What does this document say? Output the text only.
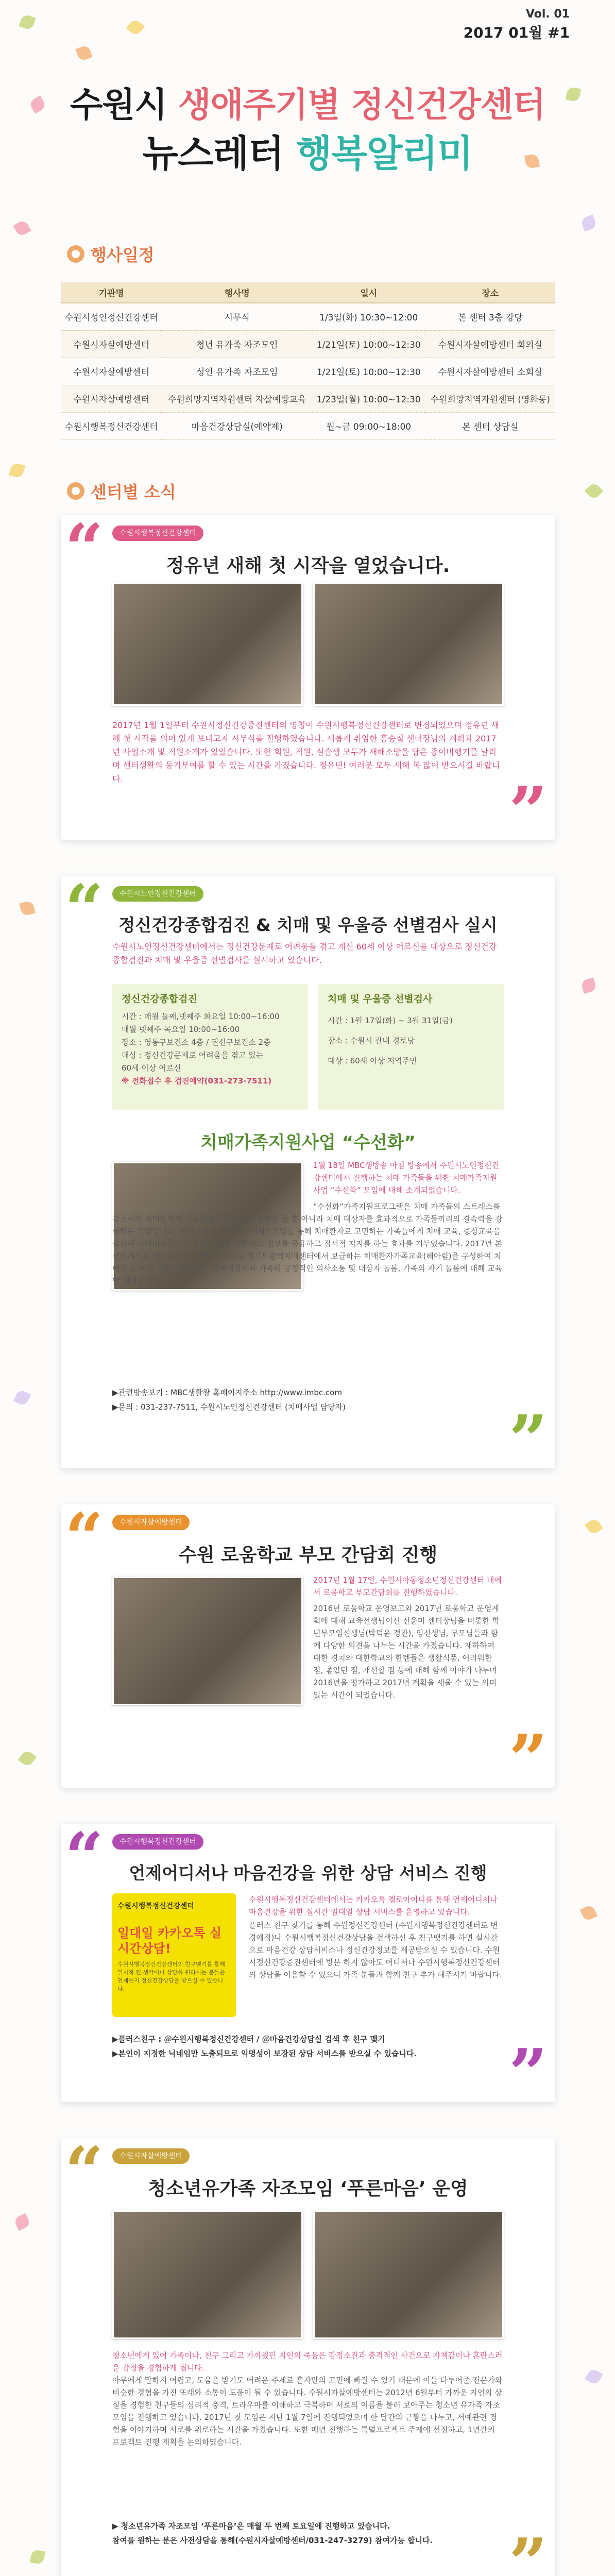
Vol. 01
2017 01월 #1
수원시 생애주기별 정신건강센터
뉴스레터 행복알리미
행사일정
기관명	행사명	일시	장소
수원시성인정신건강센터	시무식	1/3일(화) 10:30~12:00	본 센터 3층 강당
수원시자살예방센터	청년 유가족 자조모임	1/21일(토) 10:00~12:30	수원시자살예방센터 회의실
수원시자살예방센터	성인 유가족 자조모임	1/21일(토) 10:00~12:30	수원시자살예방센터 소회실
수원시자살예방센터	수원희망지역자원센터 자살예방교육	1/23일(월) 10:00~12:30	수원희망지역자원센터 (영화동)
수원시행복정신건강센터	마음건강상담실(예약제)	월~금 09:00~18:00	본 센터 상담실
센터별 소식
“	수원시행복정신건강센터
정유년 새해 첫 시작을 열었습니다.
2017년 1월 1일부터 수원시정신건강증진센터의 명칭이 수원시행복정신건강센터로 변경되었으며 정유년 새해 첫 시작을 의미 있게 보내고자 시무식을 진행하였습니다. 새롭게 취임한 홍승철 센터장님의 계획과 2017년 사업소개 및 직원소개가 있었습니다. 또한 회원, 직원, 실습생 모두가 새해소망을 담은 종이비행기를 날리며 센터생활의 동기부여를 할 수 있는 시간을 가졌습니다. 정유년! 여러분 모두 새해 복 많이 받으시길 바랍니다.	”
“	수원시노인정신건강센터
정신건강종합검진 & 치매 및 우울증 선별검사 실시
수원시노인정신건강센터에서는 정신건강문제로 어려움을 겪고 계신 60세 이상 어르신을 대상으로 정신건강종합검진과 치매 및 우울증 선별검사를 실시하고 있습니다.
정신건강종합검진

시간 : 매월 둘째,넷째주 화요일 10:00~16:00

매월 넷째주 목요일 10:00~16:00

장소 : 영통구보건소 4층 / 권선구보건소 2층

대상 : 정신건강문제로 어려움을 겪고 있는

60세 이상 어르신

※ 전화접수 후 검진예약(031-273-7511)

치매 및 우울증 선별검사

시간 : 1월 17일(화) ~ 3월 31일(금)

장소 : 수원시 관내 경로당

대상 : 60세 이상 지역주민

치매가족지원사업 “수선화”
1월 18일 MBC생방송 아침 방송에서 수원시노인정신건강센터에서 진행하는 치매 가족들을 위한 치매가족지원사업 “수선화” 모임에 대해 소개되었습니다.
“수선화”가족지원프로그램은 치매 가족들의 스트레스를 감소시켜 치매환자의 치유환경에 긍정적인 영향을 줄 뿐 아니라 치매 대상자를 효과적으로 가족들끼리의 결속력을 강화하는 모임입니다. 치매가족지원사업”수선화” 모임을 통해 치매환자로 고민하는 가족들에게 치매 교육, 증상교육을 실시해 치매대상자와 가족의 역량을 강화하고 정보를 공유하고 정서적 지지를 하는 효과를 거두었습니다. 2017년 본 센터에서는 매가족지원사업의 일환으로 경기도광역치매센터에서 보급하는 치매환자가족교육(헤아림)을 구성하여 치매의 올 바른 이해, 증상교육, 치매대상자와 가족의 긍정적인 의사소통 및 대상자 돌봄, 가족의 자기 돌봄에 대해 교육할 예정입니다.
▶관련방송보기 : MBC생활왕 홈페이지주소 http://www.imbc.com
▶문의 : 031-237-7511, 수원시노인정신건강센터 (치매사업 담당자)	”
“	수원시자살예방센터
수원 로움학교 부모 간담회 진행
2017년 1월 17일, 수원시아동청소년정신건강센터 내에서 로움학교 부모간담회를 진행하였습니다.
2016년 로움학교 운영보고와 2017년 로움학교 운영계획에 대해 교육선생님이신 신윤미 센터장님을 비롯한 학년부모임선생님(박덕윤 정찬), 임선생님, 부모님들과 함께 다양한 의견을 나누는 시간을 가졌습니다. 재하하여 대한 경치와 대한학교의 한텐들은 생활식품, 어려워한 점, 좋았던 점, 개선할 점 등에 대해 함께 이야기 나누며 2016년을 평가하고 2017년 계획을 세울 수 있는 의미있는 시간이 되었습니다.
”
“	수원시행복정신건강센터
언제어디서나 마음건강을 위한 상담 서비스 진행
수원시행복정신건강센터
일대일 카카오톡 실시간상담!
수원시행복정신건강센터의 친구맺기를 통해 일시적 인 생각이나 상담을 원하시는 분들은 언제든지 정신건강상담을 받으실 수 있습니다.
수원시행복정신건강센터에서는 카카오톡 옐로아이디를 통해 언제어디서나 마음건강을 위한 실시간 일대일 상담 서비스를 운영하고 있습니다.
플러스 친구 찾기를 통해 수원정신건강센터 (수원시행복정신건강센터로 변경예정)나 수원시행복정신건강상담을 검색하신 후 친구맺기를 하면 실시간으로 마음건강 상담서비스나 정신건강정보를 제공받으실 수 있습니다. 수원시정신건강증진센터에 방문 하지 않아도 어디서나 수원시행복정신건강센터의 상담을 이용할 수 있으니 가족 분들과 함께 친구 추가 해주시기 바랍니다.
▶플러스친구 : ＠수원시행복정신건강센터 / ＠마음건강상담실 검색 후 친구 맺기
▶본인이 지정한 닉네임만 노출되므로 익명성이 보장된 상담 서비스를 받으실 수 있습니다.	”
“	수원시자살예방센터
청소년유가족 자조모임 ‘푸른마음’ 운영
청소년에게 있어 가족이나, 친구 그리고 가까웠던 지인의 죽음은 감정소진과 충격적인 사건으로 자책감이나 혼란스러운 감정을 경험하게 됩니다.
아무에게 말하지 어렵고, 도움을 받기도 어려운 주제로 혼자만의 고민에 빠질 수 있기 때문에 이들 다루어줄 전문가와 비슷한 경험을 가진 또래와 소통이 도움이 될 수 있습니다. 수원시자살예방센터는 2012년 6월부터 가까운 지인의 상실을 경험한 친구들의 심리적 충격, 트라우마를 이해하고 극복하며 서로의 이름을 불러 보아주는 청소년 유가족 자조모임을 진행하고 있습니다. 2017년 첫 모임은 지난 1월 7일에 진행되었으며 한 달간의 근황을 나누고, 서예관련 경험을 이야기하며 서로를 위로하는 시간을 가졌습니다. 또한 매년 진행하는 특별프로젝트 주제에 선정하고, 1년간의 프로젝트 진행 계획을 논의하였습니다.
▶ 청소년유가족 자조모임 ‘푸른마음’은 매월 두 번째 토요일에 진행하고 있습니다.
참여를 원하는 분은 사전상담을 통해(수원시자살예방센터/031-247-3279) 참여가능 합니다.	”
